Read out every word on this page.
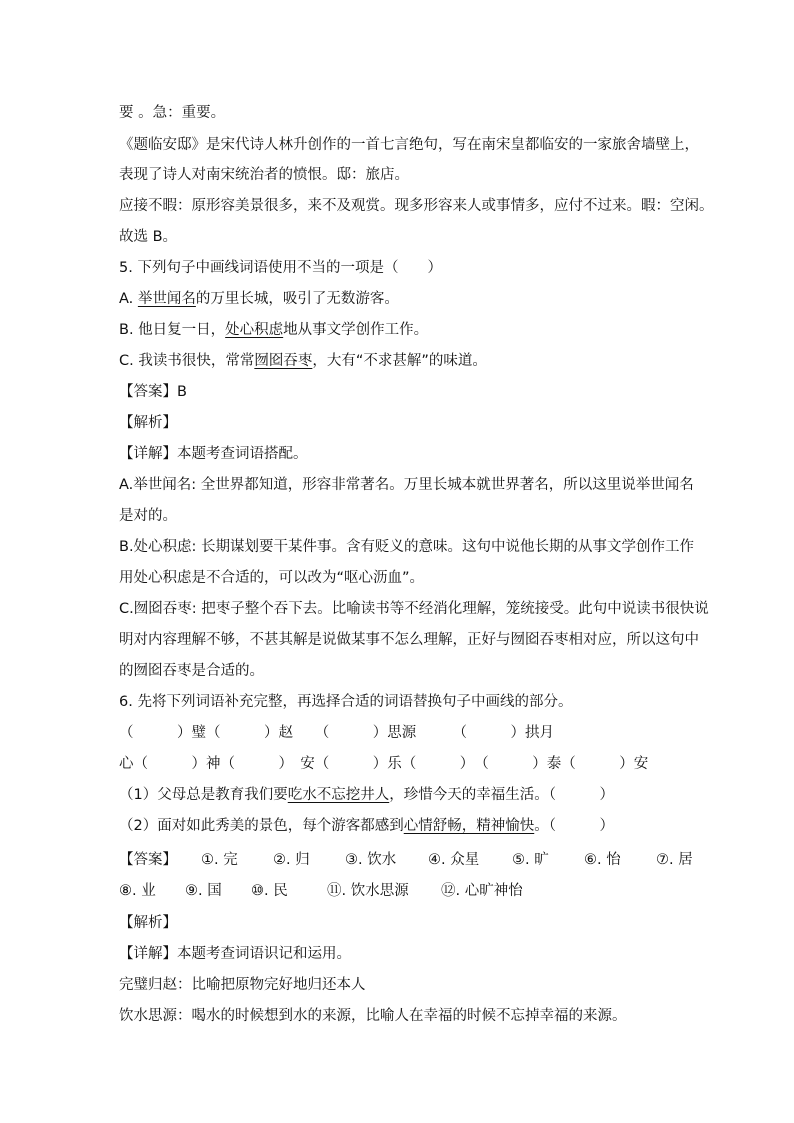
要 。急：重要。
《题临安邸》是宋代诗人林升创作的一首七言绝句，写在南宋皇都临安的一家旅舍墙壁上，
表现了诗人对南宋统治者的愤恨。邸：旅店。
应接不暇：原形容美景很多，来不及观赏。现多形容来人或事情多，应付不过来。暇：空闲。
故选 B。
5. 下列句子中画线词语使用不当的一项是（　　）
A. 举世闻名的万里长城，吸引了无数游客。
B. 他日复一日，处心积虑地从事文学创作工作。
C. 我读书很快，常常囫囵吞枣，大有“不求甚解”的味道。
【答案】B
【解析】
【详解】本题考查词语搭配。
A.举世闻名: 全世界都知道，形容非常著名。万里长城本就世界著名，所以这里说举世闻名
是对的。
B.处心积虑: 长期谋划要干某件事。含有贬义的意味。这句中说他长期的从事文学创作工作
用处心积虑是不合适的，可以改为“呕心沥血”。
C.囫囵吞枣: 把枣子整个吞下去。比喻读书等不经消化理解，笼统接受。此句中说读书很快说
明对内容理解不够，不甚其解是说做某事不怎么理解，正好与囫囵吞枣相对应，所以这句中
的囫囵吞枣是合适的。
6. 先将下列词语补充完整，再选择合适的词语替换句子中画线的部分。
（　　　）璧（　　　）赵　　（　　　）思源　　　（　　　）拱月
心（　　　）神（　　　）　安（　　　）乐（　　　）　（　　　）泰（　　　）安
（1）父母总是教育我们要吃水不忘挖井人，珍惜今天的幸福生活。（　　　）
（2）面对如此秀美的景色，每个游客都感到心情舒畅，精神愉快。（　　　）
【答案】 ①. 完 ②. 归 ③. 饮水 ④. 众星 ⑤. 旷 ⑥. 怡 ⑦. 居
⑧. 业 ⑨. 国 ⑩. 民	⑪. 饮水思源 ⑫. 心旷神怡
【解析】
【详解】本题考查词语识记和运用。
完璧归赵：比喻把原物完好地归还本人
饮水思源：喝水的时候想到水的来源，比喻人在幸福的时候不忘掉幸福的来源。
